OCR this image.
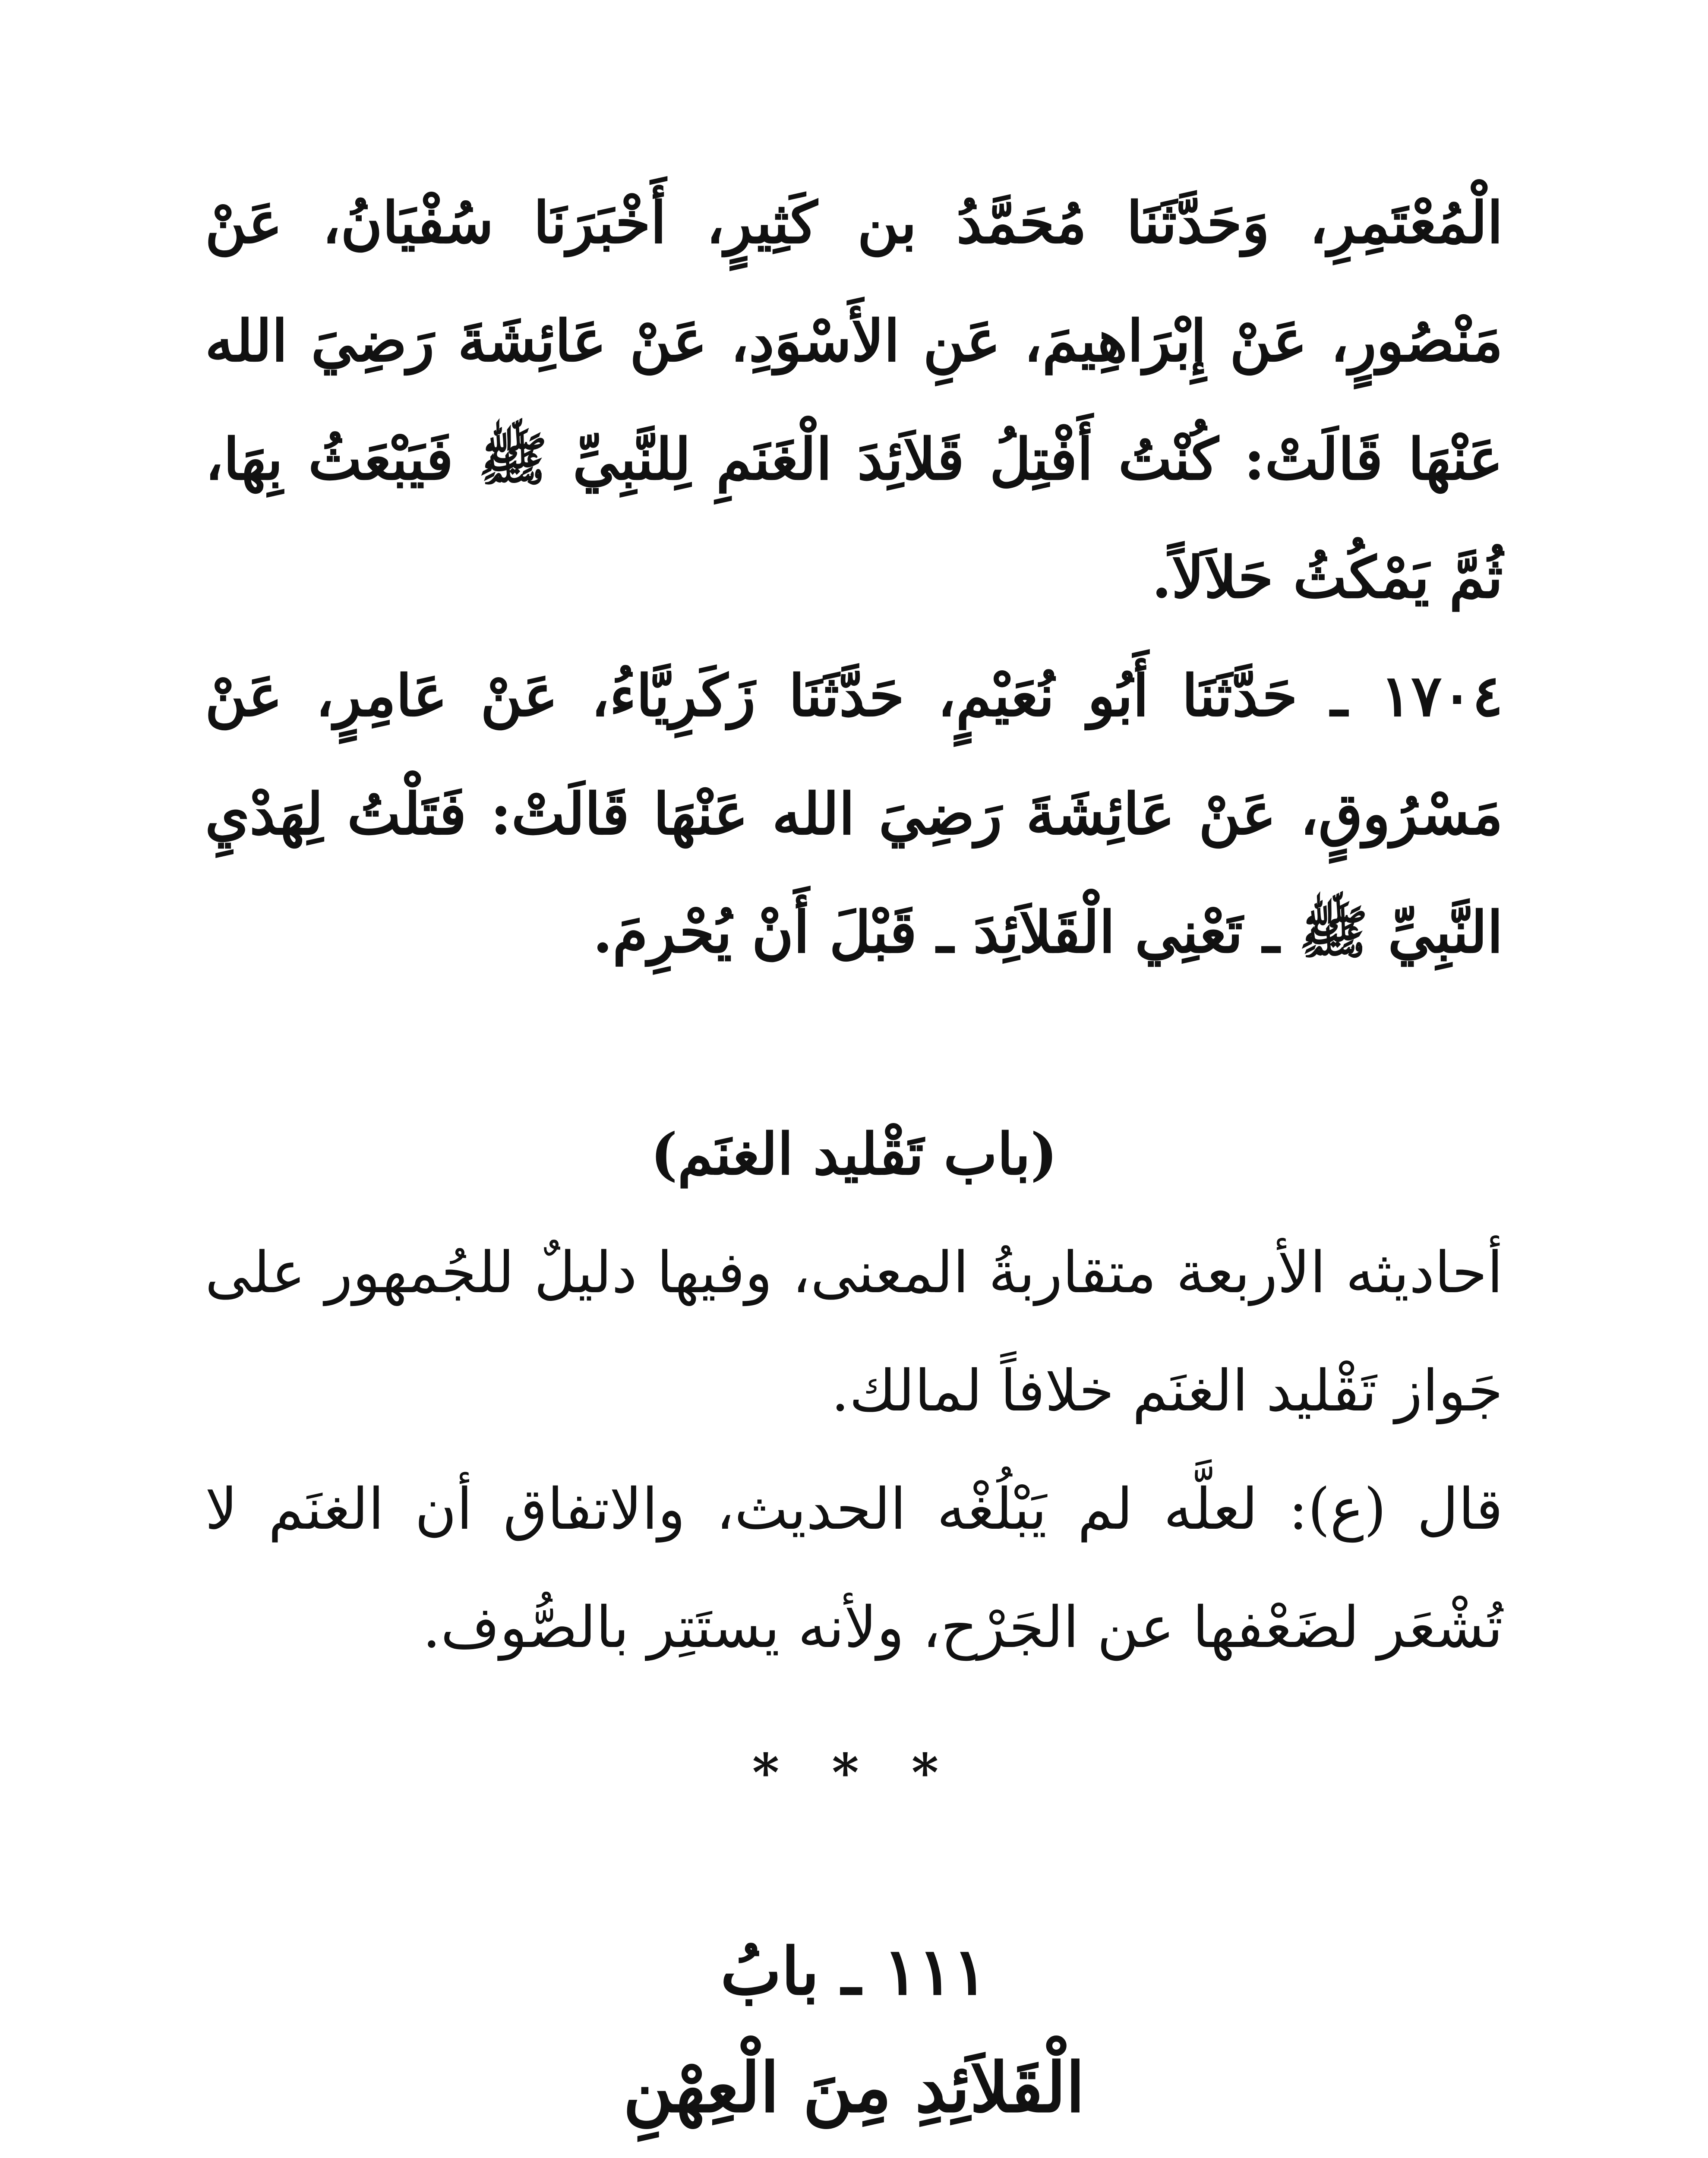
الْمُعْتَمِرِ، وَحَدَّثَنَا مُحَمَّدُ بن كَثِيرٍ، أَخْبَرَنَا سُفْيَانُ، عَنْ مَنْصُورٍ، عَنْ إِبْرَاهِيمَ، عَنِ الأَسْوَدِ، عَنْ عَائِشَةَ رَضِيَ الله عَنْهَا قَالَتْ: كُنْتُ أَفْتِلُ قَلاَئِدَ الْغَنَمِ لِلنَّبِيِّ ﷺ فَيَبْعَثُ بِهَا، ثُمَّ يَمْكُثُ حَلاَلاً.

١٧٠٤ ـ حَدَّثَنَا أَبُو نُعَيْمٍ، حَدَّثَنَا زَكَرِيَّاءُ، عَنْ عَامِرٍ، عَنْ مَسْرُوقٍ، عَنْ عَائِشَةَ رَضِيَ الله عَنْهَا قَالَتْ: فَتَلْتُ لِهَدْيِ النَّبِيِّ ﷺ ـ تَعْنِي الْقَلاَئِدَ ـ قَبْلَ أَنْ يُحْرِمَ.

(باب تَقْليد الغنَم)

أحاديثه الأربعة متقاربةُ المعنى، وفيها دليلٌ للجُمهور على جَواز تَقْليد الغنَم خلافاً لمالك.

قال (ع): لعلَّه لم يَبْلُغْه الحديث، والاتفاق أن الغنَم لا تُشْعَر لضَعْفها عن الجَرْح، ولأنه يستَتِر بالصُّوف.

* * *

١١١ ـ بابُ

الْقَلاَئِدِ مِنَ الْعِهْنِ
